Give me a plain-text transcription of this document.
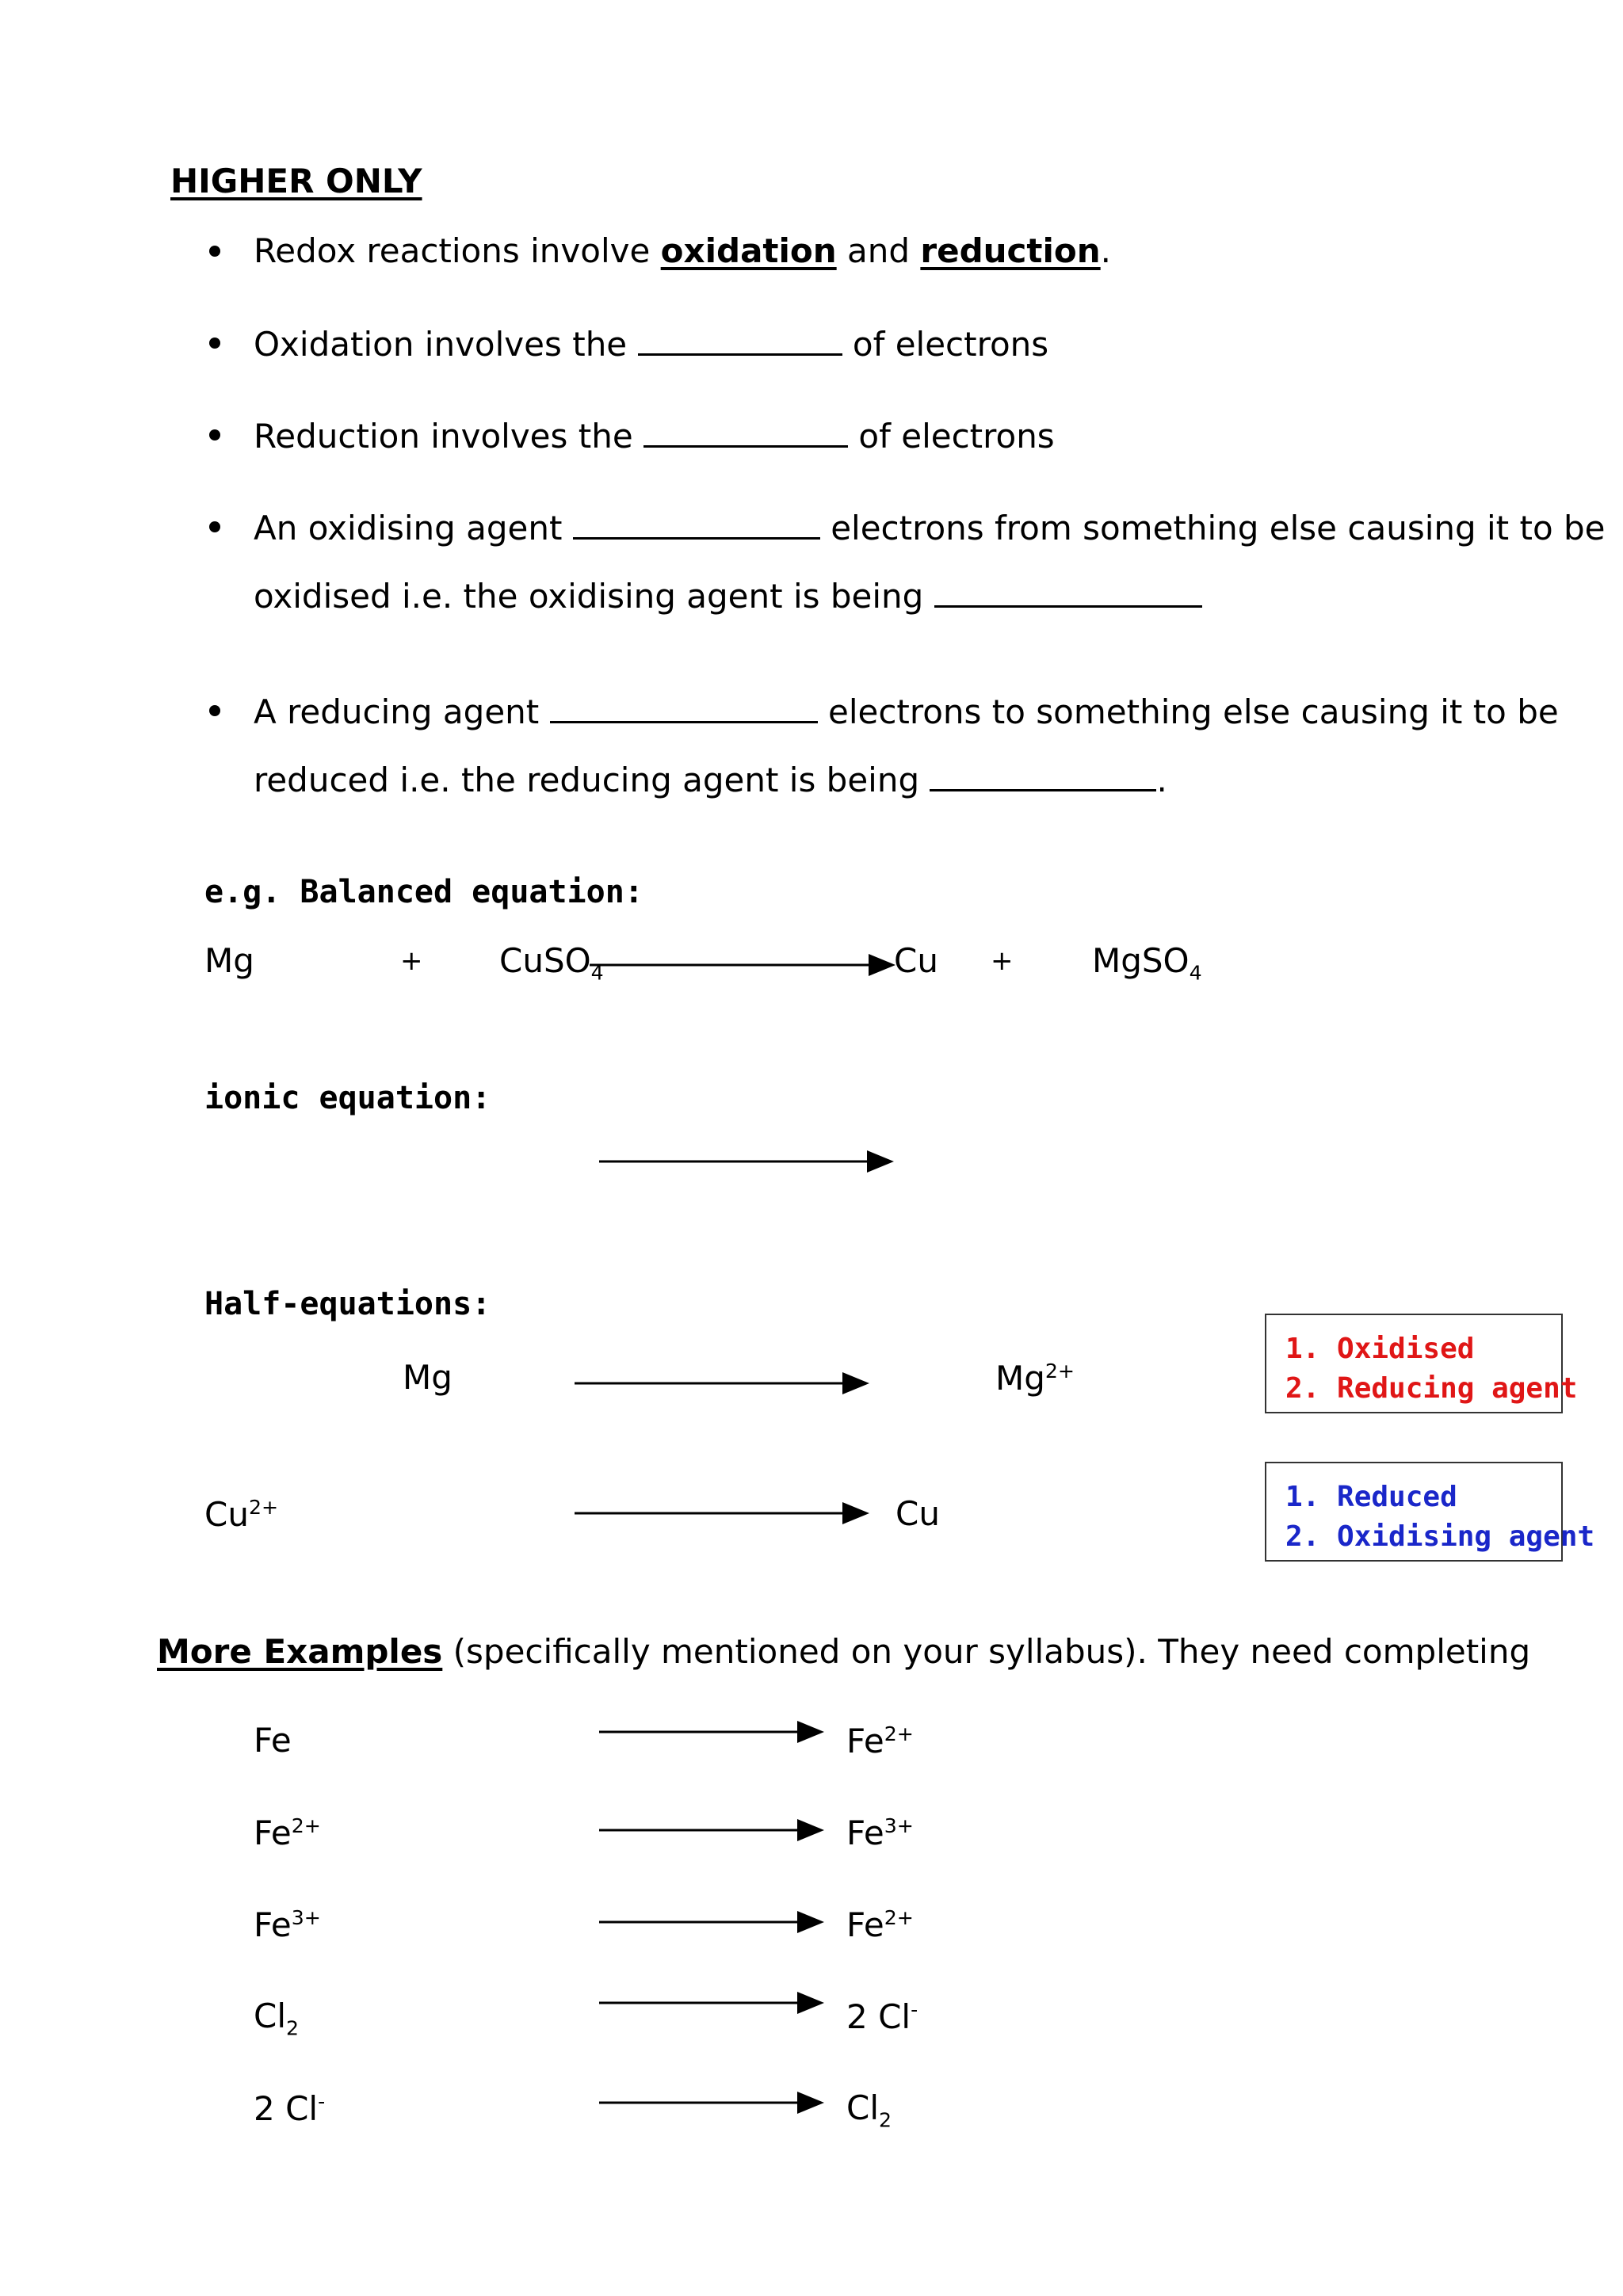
HIGHER ONLY
Redox reactions involve oxidation and reduction.
Oxidation involves the	of electrons
Reduction involves the	of electrons
An oxidising agent	electrons from something else causing it to be
oxidised i.e. the oxidising agent is being
A reducing agent	electrons to something else causing it to be
reduced i.e. the reducing agent is being	.
e.g. Balanced equation:
Mg	+ CuSO$_4$	Cu + MgSO$_4$
ionic equation:
Half-equations:
Mg	$Mg^{2+}$
$Cu^{2+}$	Cu
1. Oxidised
2. Reducing agent
1. Reduced
2. Oxidising agent
More Examples (specifically mentioned on your syllabus). They need completing
Fe	$Fe^{2+}$
$Fe^{2+}$	$Fe^{3+}$
$Fe^{3+}$	$Fe^{2+}$
$Cl_2$	2 Cl-
2 Cl-	$Cl_2$
